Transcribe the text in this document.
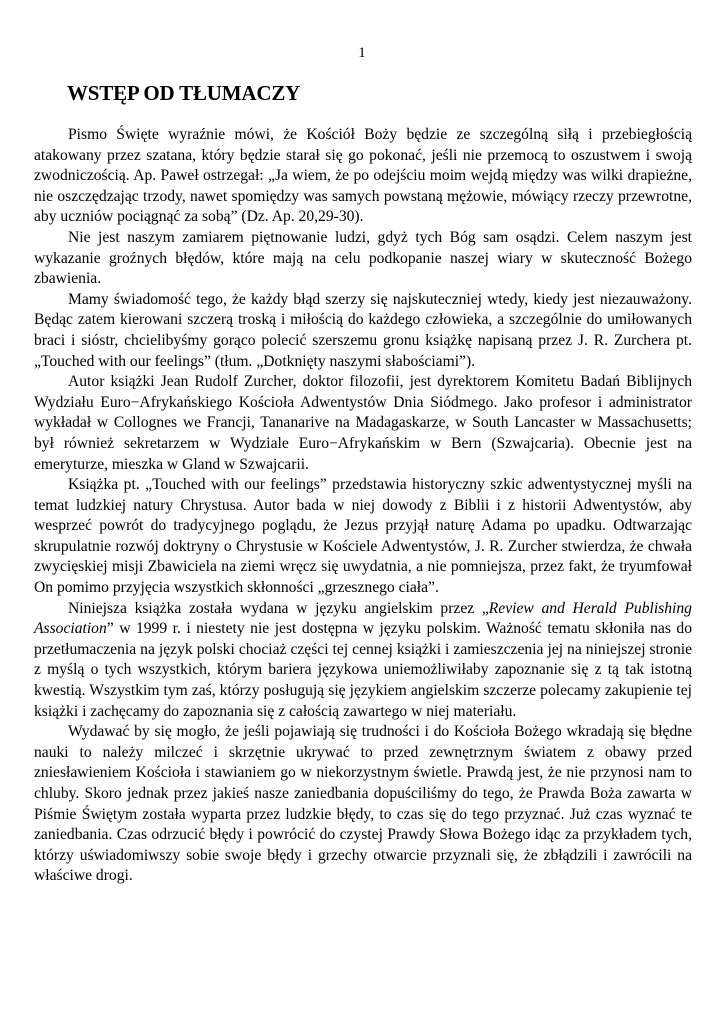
1
WSTĘP OD TŁUMACZY

Pismo Święte wyraźnie mówi, że Kościół Boży będzie ze szczególną siłą i przebiegłością atakowany przez szatana, który będzie starał się go pokonać, jeśli nie przemocą to oszustwem i swoją zwodniczością. Ap. Paweł ostrzegał: „Ja wiem, że po odejściu moim wejdą między was wilki drapieżne, nie oszczędzając trzody, nawet spomiędzy was samych powstaną mężowie, mówiący rzeczy przewrotne, aby uczniów pociągnąć za sobą” (Dz. Ap. 20,29-30).

Nie jest naszym zamiarem piętnowanie ludzi, gdyż tych Bóg sam osądzi. Celem naszym jest wykazanie groźnych błędów, które mają na celu podkopanie naszej wiary w skuteczność Bożego zbawienia.

Mamy świadomość tego, że każdy błąd szerzy się najskuteczniej wtedy, kiedy jest niezauważony. Będąc zatem kierowani szczerą troską i miłością do każdego człowieka, a szczególnie do umiłowanych braci i sióstr, chcielibyśmy gorąco polecić szerszemu gronu książkę napisaną przez J. R. Zurchera pt. „Touched with our feelings” (tłum. „Dotknięty naszymi słabościami”).

Autor książki Jean Rudolf Zurcher, doktor filozofii, jest dyrektorem Komitetu Badań Biblijnych Wydziału Euro−Afrykańskiego Kościoła Adwentystów Dnia Siódmego. Jako profesor i administrator wykładał w Collognes we Francji, Tananarive na Madagaskarze, w South Lancaster w Massachusetts; był również sekretarzem w Wydziale Euro−Afrykańskim w Bern (Szwajcaria). Obecnie jest na emeryturze, mieszka w Gland w Szwajcarii.

Książka pt. „Touched with our feelings” przedstawia historyczny szkic adwentystycznej myśli na temat ludzkiej natury Chrystusa. Autor bada w niej dowody z Biblii i z historii Adwentystów, aby wesprzeć powrót do tradycyjnego poglądu, że Jezus przyjął naturę Adama po upadku. Odtwarzając skrupulatnie rozwój doktryny o Chrystusie w Kościele Adwentystów, J. R. Zurcher stwierdza, że chwała zwycięskiej misji Zbawiciela na ziemi wręcz się uwydatnia, a nie pomniejsza, przez fakt, że tryumfował On pomimo przyjęcia wszystkich skłonności „grzesznego ciała”.

Niniejsza książka została wydana w języku angielskim przez „Review and Herald Publishing Association” w 1999 r. i niestety nie jest dostępna w języku polskim. Ważność tematu skłoniła nas do przetłumaczenia na język polski chociaż części tej cennej książki i zamieszczenia jej na niniejszej stronie z myślą o tych wszystkich, którym bariera językowa uniemożliwiłaby zapoznanie się z tą tak istotną kwestią. Wszystkim tym zaś, którzy posługują się językiem angielskim szczerze polecamy zakupienie tej książki i zachęcamy do zapoznania się z całością zawartego w niej materiału.

Wydawać by się mogło, że jeśli pojawiają się trudności i do Kościoła Bożego wkradają się błędne nauki to należy milczeć i skrzętnie ukrywać to przed zewnętrznym światem z obawy przed zniesławieniem Kościoła i stawianiem go w niekorzystnym świetle. Prawdą jest, że nie przynosi nam to chluby. Skoro jednak przez jakieś nasze zaniedbania dopuściliśmy do tego, że Prawda Boża zawarta w Piśmie Świętym została wyparta przez ludzkie błędy, to czas się do tego przyznać. Już czas wyznać te zaniedbania. Czas odrzucić błędy i powrócić do czystej Prawdy Słowa Bożego idąc za przykładem tych, którzy uświadomiwszy sobie swoje błędy i grzechy otwarcie przyznali się, że zbłądzili i zawrócili na właściwe drogi.
